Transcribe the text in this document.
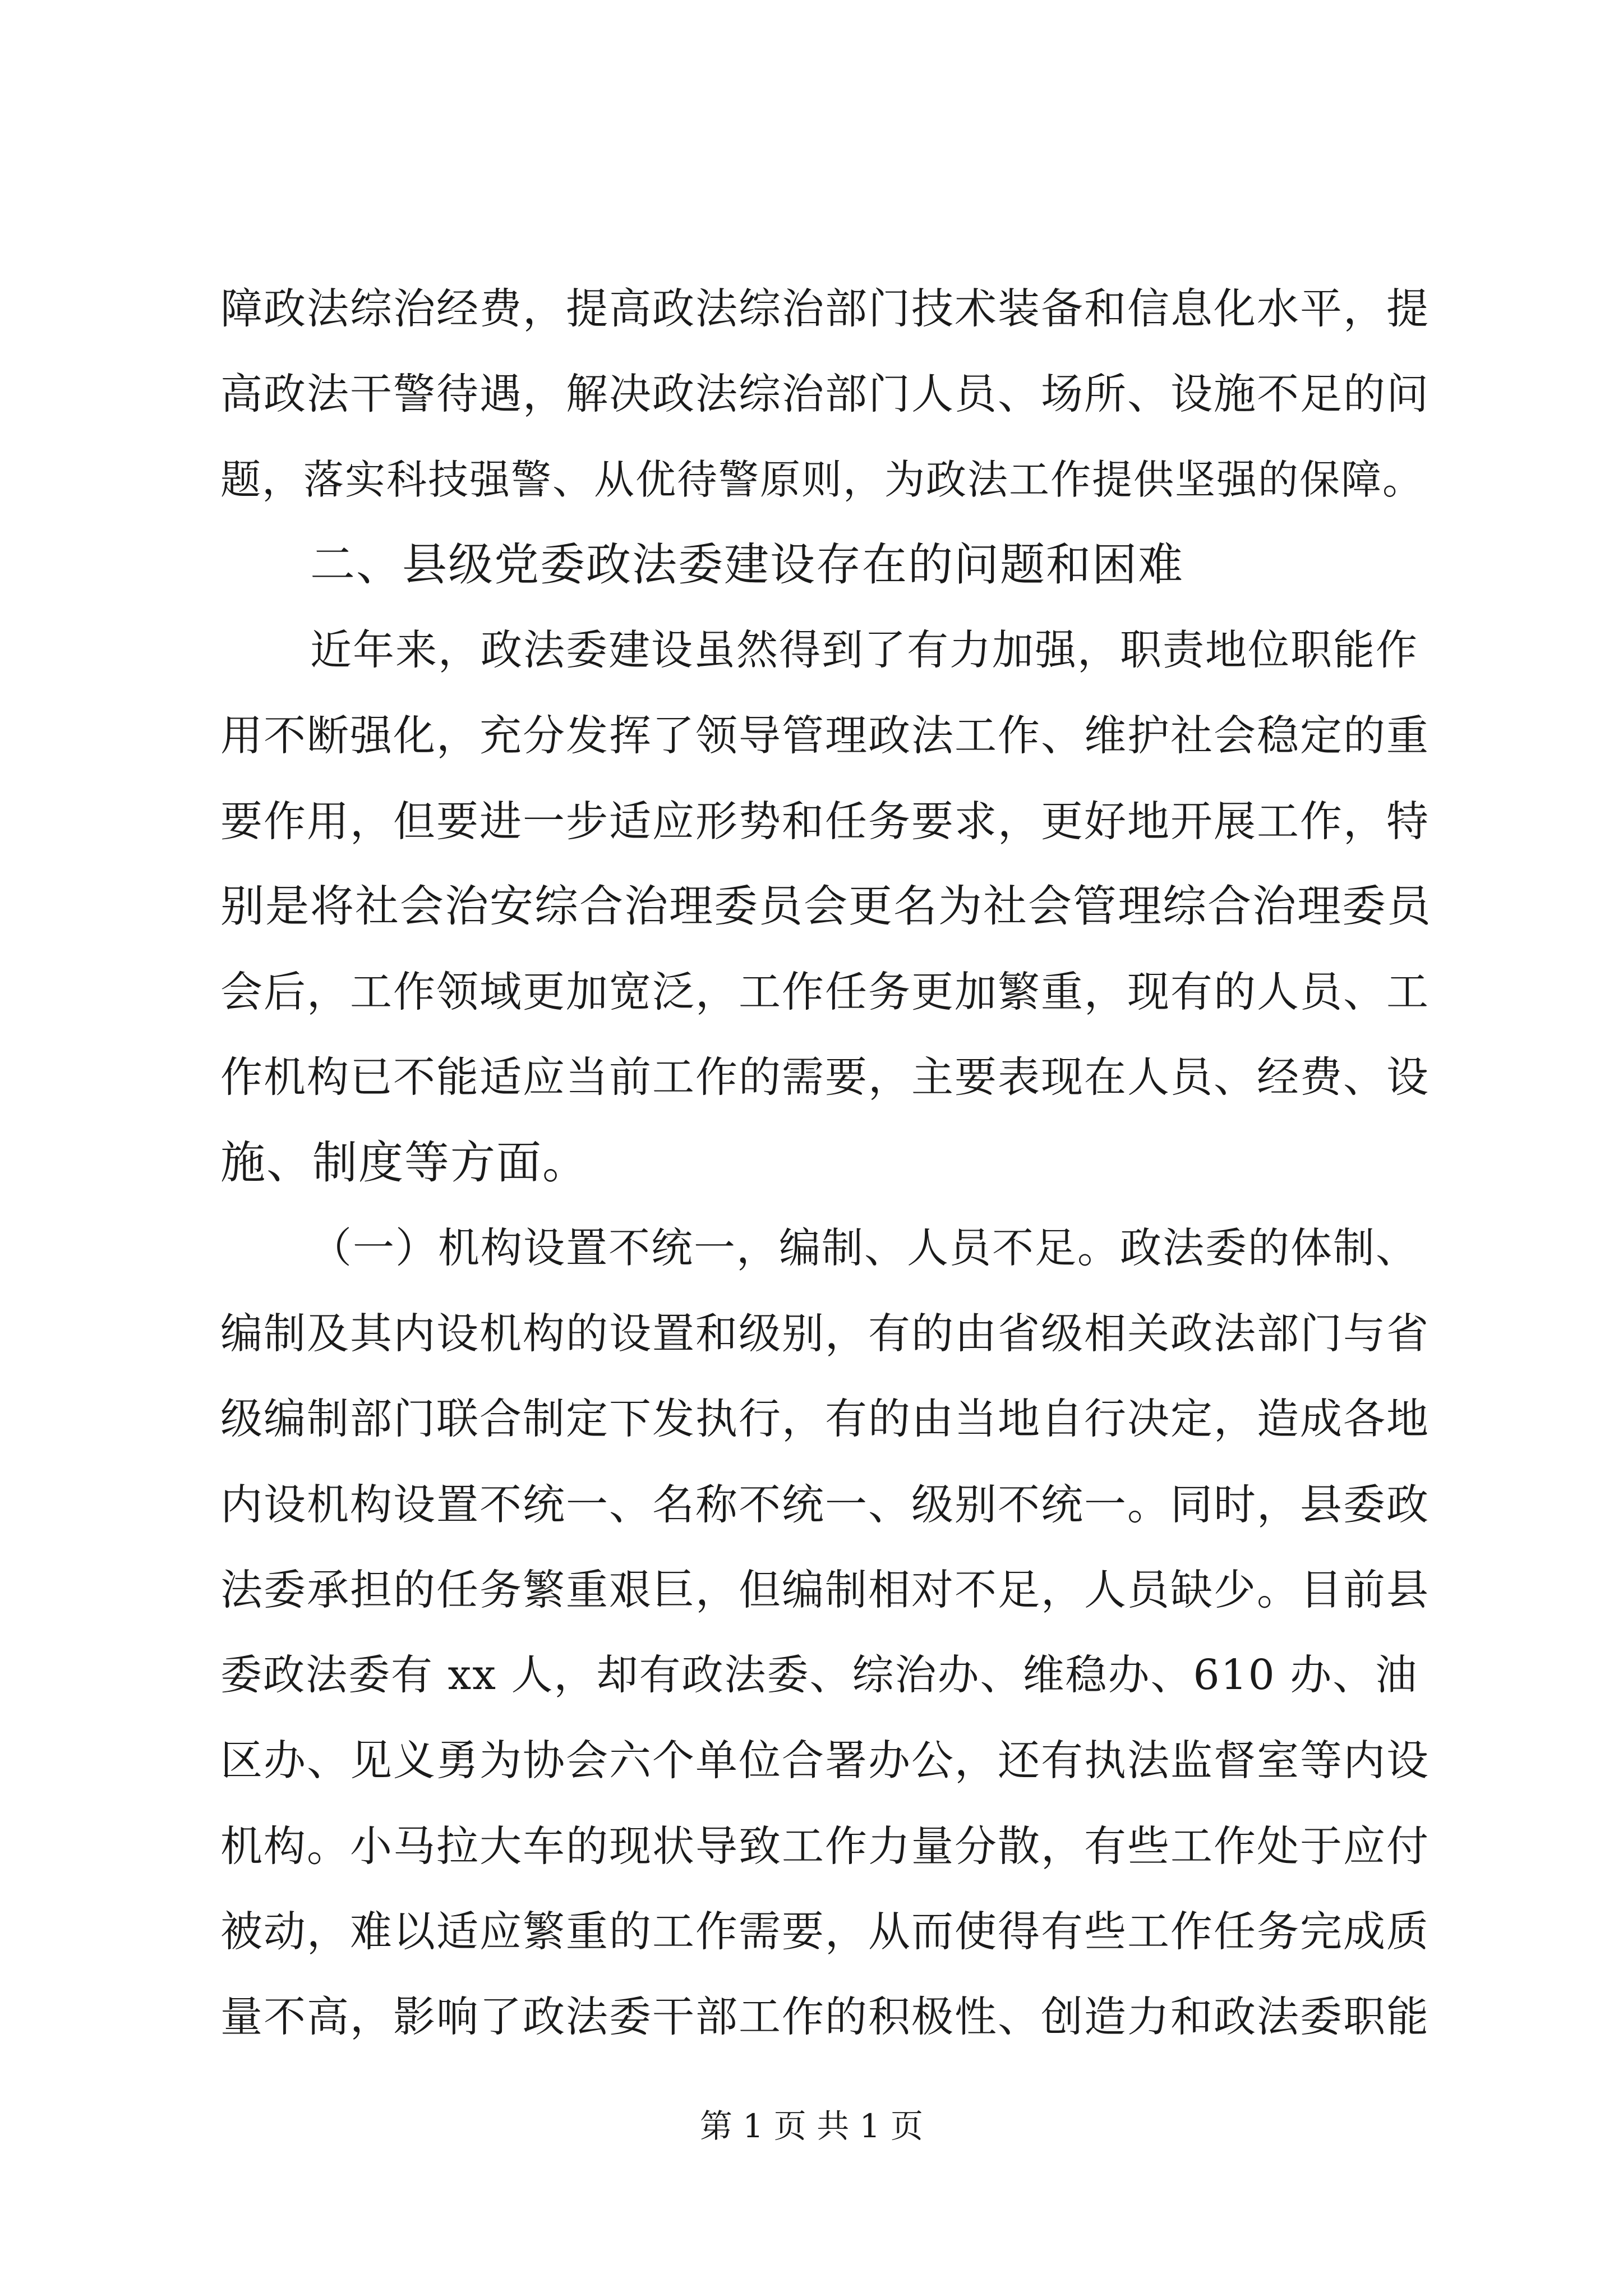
障政法综治经费，提高政法综治部门技术装备和信息化水平，提
高政法干警待遇，解决政法综治部门人员、场所、设施不足的问
题，落实科技强警、从优待警原则，为政法工作提供坚强的保障。
二、县级党委政法委建设存在的问题和困难
近年来，政法委建设虽然得到了有力加强，职责地位职能作
用不断强化，充分发挥了领导管理政法工作、维护社会稳定的重
要作用，但要进一步适应形势和任务要求，更好地开展工作，特
别是将社会治安综合治理委员会更名为社会管理综合治理委员
会后，工作领域更加宽泛，工作任务更加繁重，现有的人员、工
作机构已不能适应当前工作的需要，主要表现在人员、经费、设
施、制度等方面。
（一）机构设置不统一，编制、人员不足。政法委的体制、
编制及其内设机构的设置和级别，有的由省级相关政法部门与省
级编制部门联合制定下发执行，有的由当地自行决定，造成各地
内设机构设置不统一、名称不统一、级别不统一。同时，县委政
法委承担的任务繁重艰巨，但编制相对不足，人员缺少。目前县
委政法委有 xx 人，却有政法委、综治办、维稳办、610 办、油
区办、见义勇为协会六个单位合署办公，还有执法监督室等内设
机构。小马拉大车的现状导致工作力量分散，有些工作处于应付
被动，难以适应繁重的工作需要，从而使得有些工作任务完成质
第 1 页 共 1 页
量不高，影响了政法委干部工作的积极性、创造力和政法委职能
